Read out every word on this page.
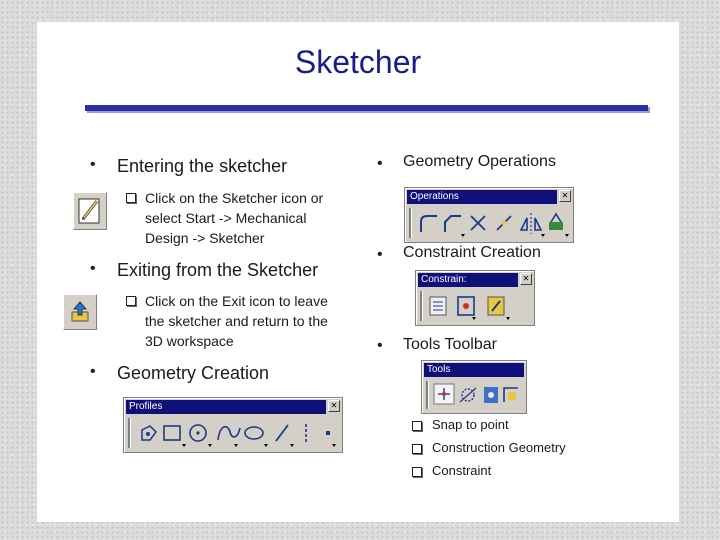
Sketcher
• Entering the sketcher
Click on the Sketcher icon or
select Start -> Mechanical
Design -> Sketcher
• Exiting from the Sketcher
Click on the Exit icon to leave
the sketcher and return to the
3D workspace
• Geometry Creation
Profiles	✕
• Geometry Operations
Operations	✕
• Constraint Creation
Constrain:	✕
• Tools Toolbar
Tools
Snap to point
Construction Geometry
Constraint
